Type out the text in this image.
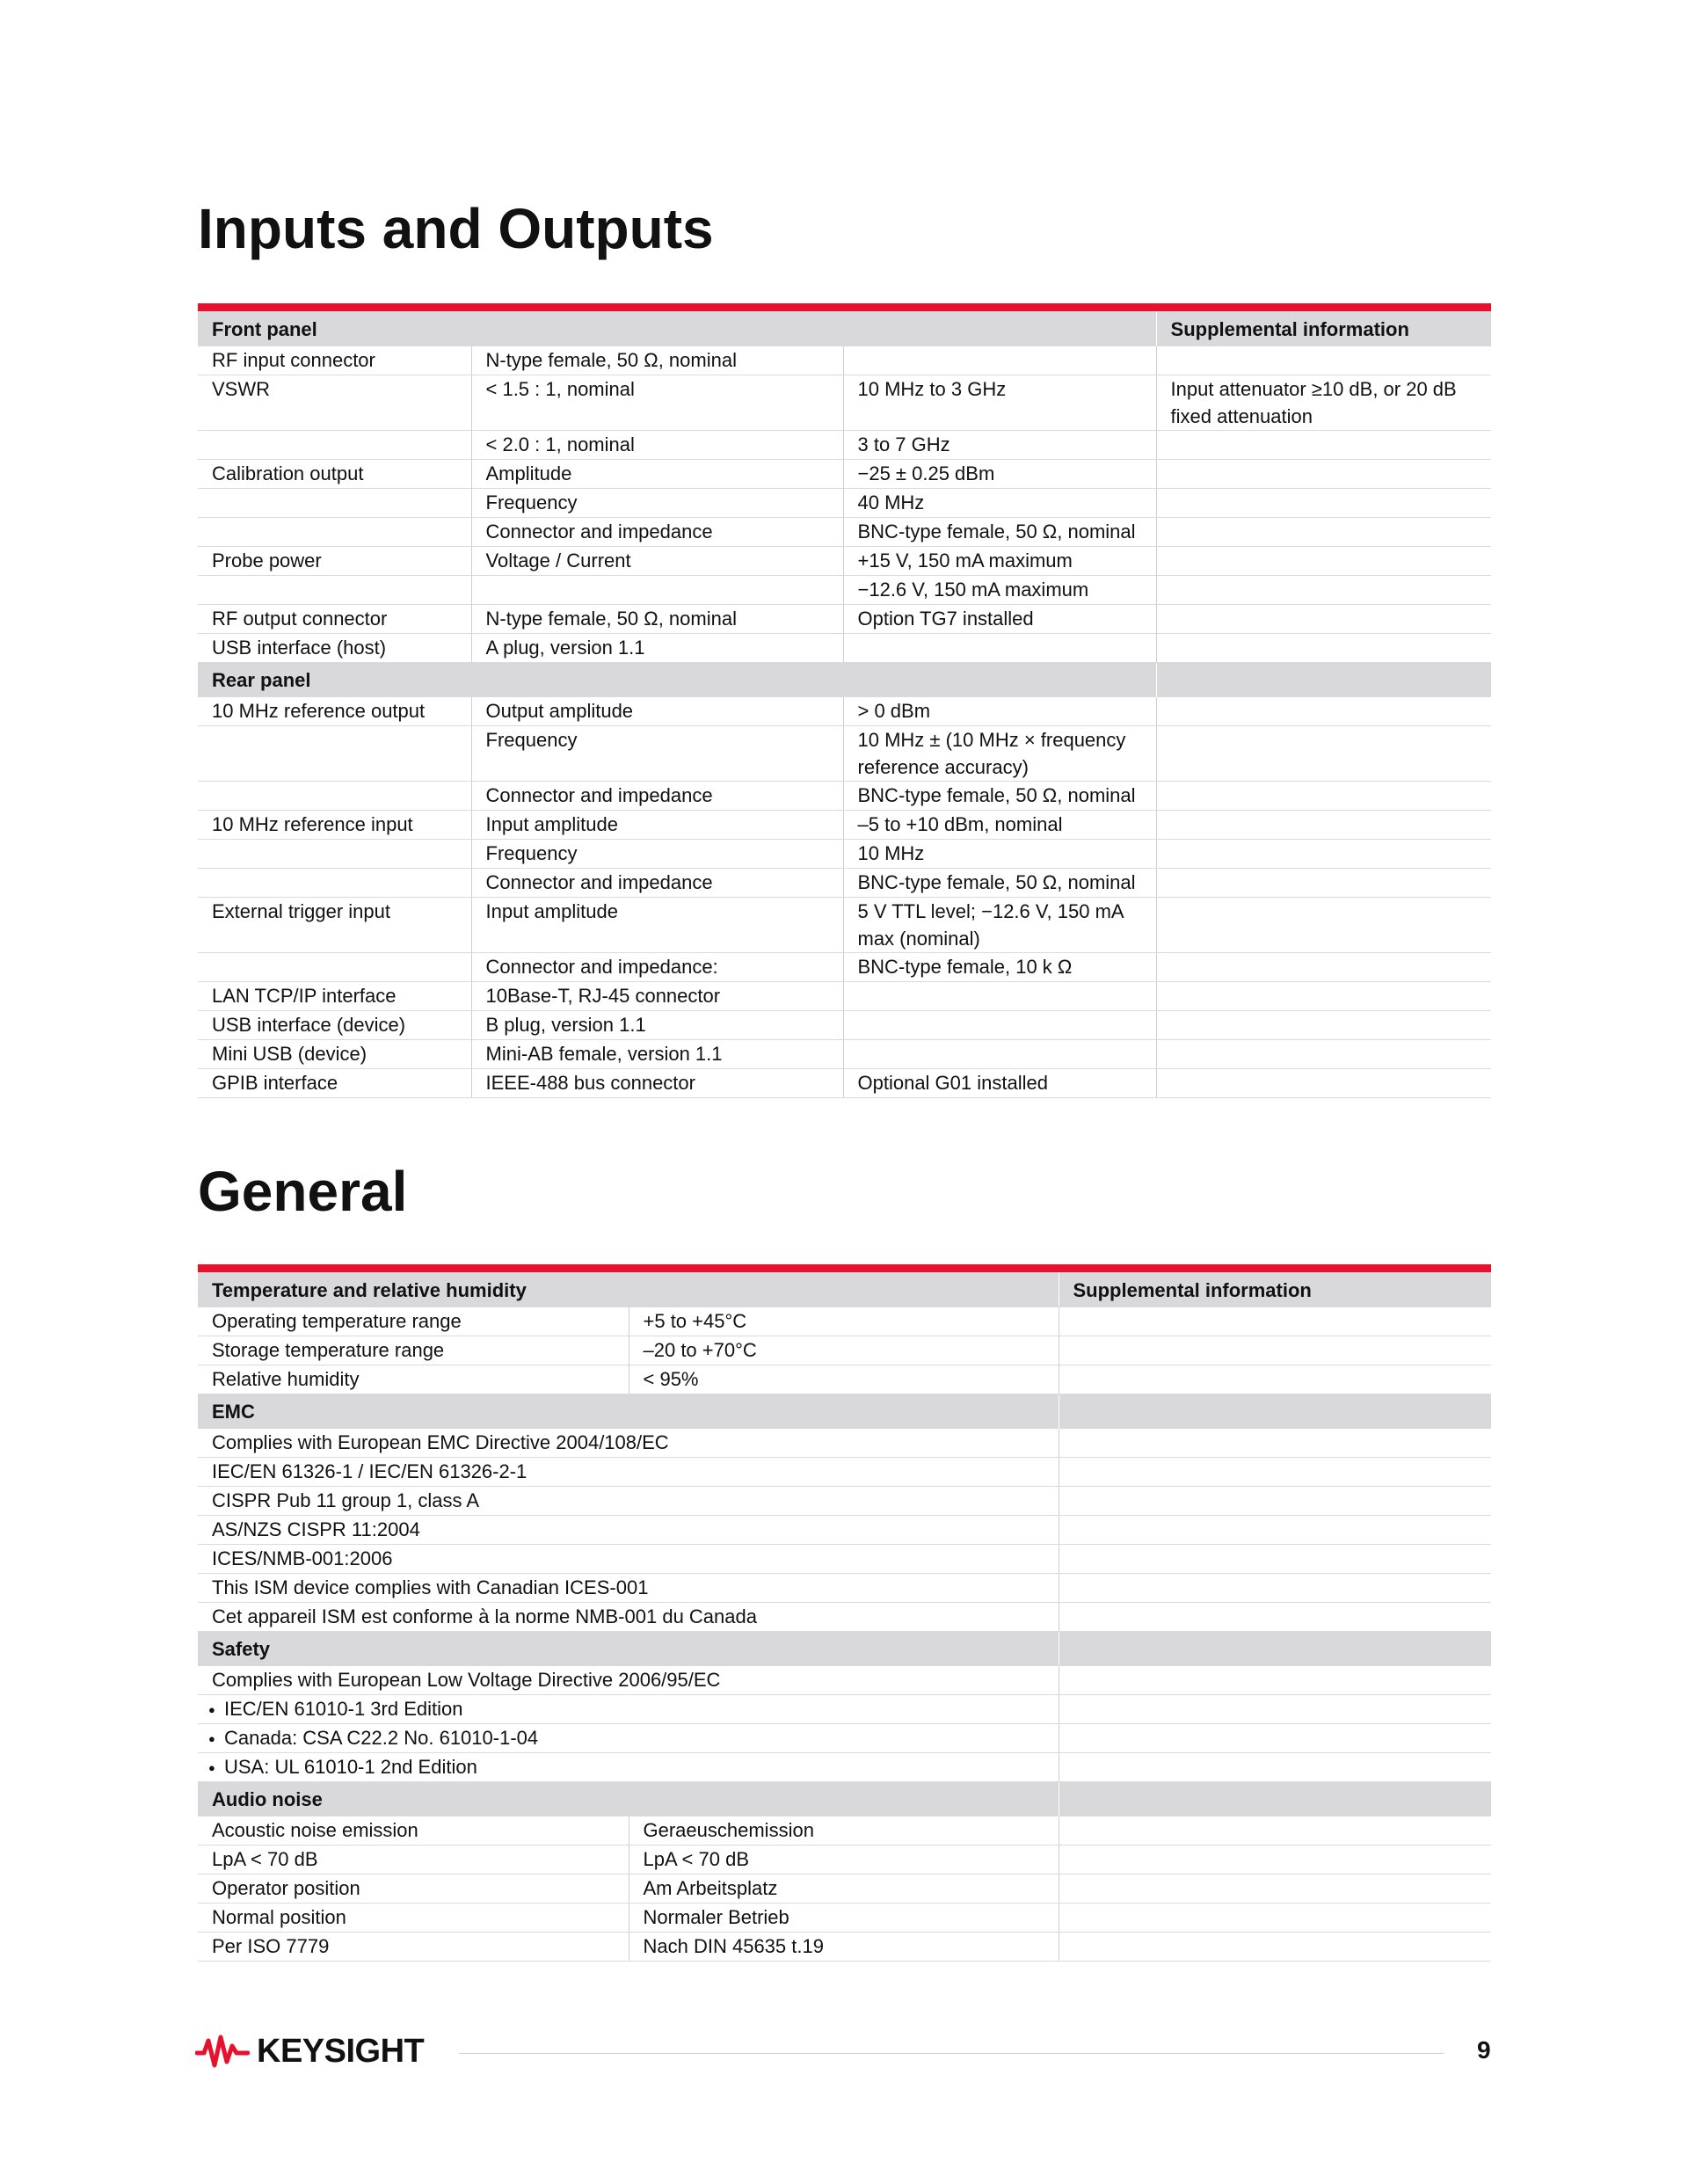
Inputs and Outputs
Front panel			Supplemental information
RF input connector	N-type female, 50 Ω, nominal		
VSWR	< 1.5 : 1, nominal	10 MHz to 3 GHz	Input attenuator ≥10 dB, or 20 dB fixed attenuation
	< 2.0 : 1, nominal	3 to 7 GHz	
Calibration output	Amplitude	−25 ± 0.25 dBm	
	Frequency	40 MHz	
	Connector and impedance	BNC-type female, 50 Ω, nominal	
Probe power	Voltage / Current	+15 V, 150 mA maximum	
		−12.6 V, 150 mA maximum	
RF output connector	N-type female, 50 Ω, nominal	Option TG7 installed	
USB interface (host)	A plug, version 1.1		
Rear panel			
10 MHz reference output	Output amplitude	> 0 dBm	
	Frequency	10 MHz ± (10 MHz × frequency reference accuracy)	
	Connector and impedance	BNC-type female, 50 Ω, nominal	
10 MHz reference input	Input amplitude	–5 to +10 dBm, nominal	
	Frequency	10 MHz	
	Connector and impedance	BNC-type female, 50 Ω, nominal	
External trigger input	Input amplitude	5 V TTL level; −12.6 V, 150 mA max (nominal)	
	Connector and impedance:	BNC-type female, 10 k Ω	
LAN TCP/IP interface	10Base-T, RJ-45 connector		
USB interface (device)	B plug, version 1.1		
Mini USB (device)	Mini-AB female, version 1.1		
GPIB interface	IEEE-488 bus connector	Optional G01 installed	
General
Temperature and relative humidity		Supplemental information
Operating temperature range	+5 to +45°C	
Storage temperature range	–20 to +70°C	
Relative humidity	< 95%	
EMC		
Complies with European EMC Directive 2004/108/EC		
IEC/EN 61326-1 / IEC/EN 61326-2-1		
CISPR Pub 11 group 1, class A		
AS/NZS CISPR 11:2004		
ICES/NMB-001:2006		
This ISM device complies with Canadian ICES-001		
Cet appareil ISM est conforme à la norme NMB-001 du Canada		
Safety		
Complies with European Low Voltage Directive 2006/95/EC		
● IEC/EN 61010-1 3rd Edition		
● Canada: CSA C22.2 No. 61010-1-04		
● USA: UL 61010-1 2nd Edition		
Audio noise		
Acoustic noise emission	Geraeuschemission	
LpA < 70 dB	LpA < 70 dB	
Operator position	Am Arbeitsplatz	
Normal position	Normaler Betrieb	
Per ISO 7779	Nach DIN 45635 t.19	
KEYSIGHT	9
